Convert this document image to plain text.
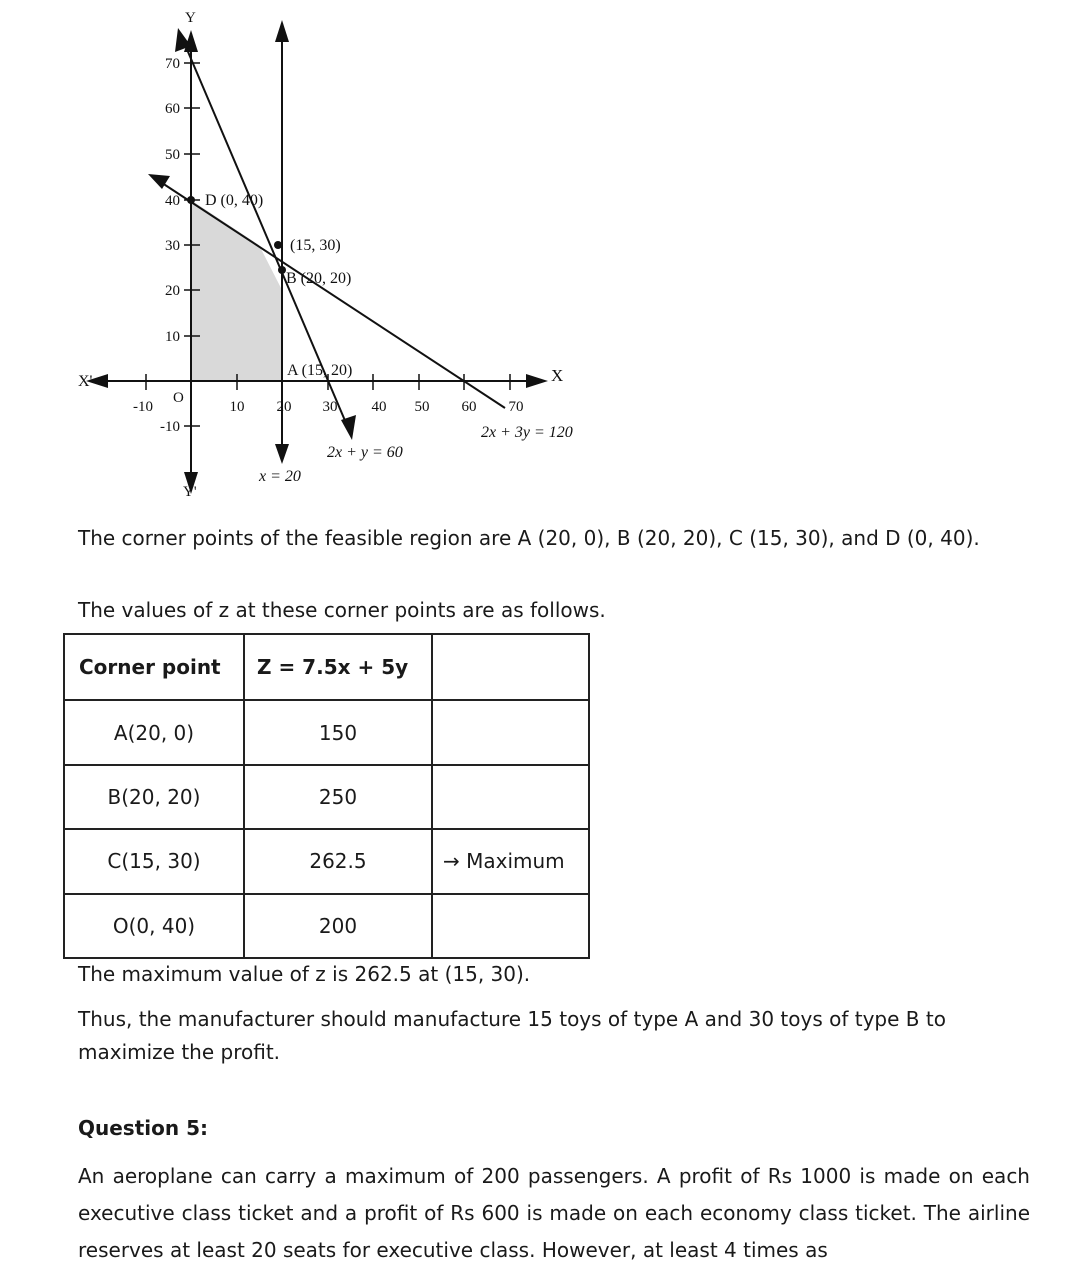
70
60
50
40
30
20
10
-10
-10	10 20 30 40 50 60 70
Y
Y'
X
X'
O
D (0, 40)
(15, 30)
B (20, 20)
A (15, 20)
2x + 3y = 120
2x + y = 60
x = 20

The corner points of the feasible region are A (20, 0), B (20, 20), C (15, 30), and D (0, 40).

The values of z at these corner points are as follows.

Corner point	Z = 7.5x + 5y	
A(20, 0)	150	
B(20, 20)	250	
C(15, 30)	262.5	→ Maximum
O(0, 40)	200	

The maximum value of z is 262.5 at (15, 30).

Thus, the manufacturer should manufacture 15 toys of type A and 30 toys of type B to maximize the profit.

Question 5:

An aeroplane can carry a maximum of 200 passengers. A profit of Rs 1000 is made on each executive class ticket and a profit of Rs 600 is made on each economy class ticket. The airline reserves at least 20 seats for executive class. However, at least 4 times as
